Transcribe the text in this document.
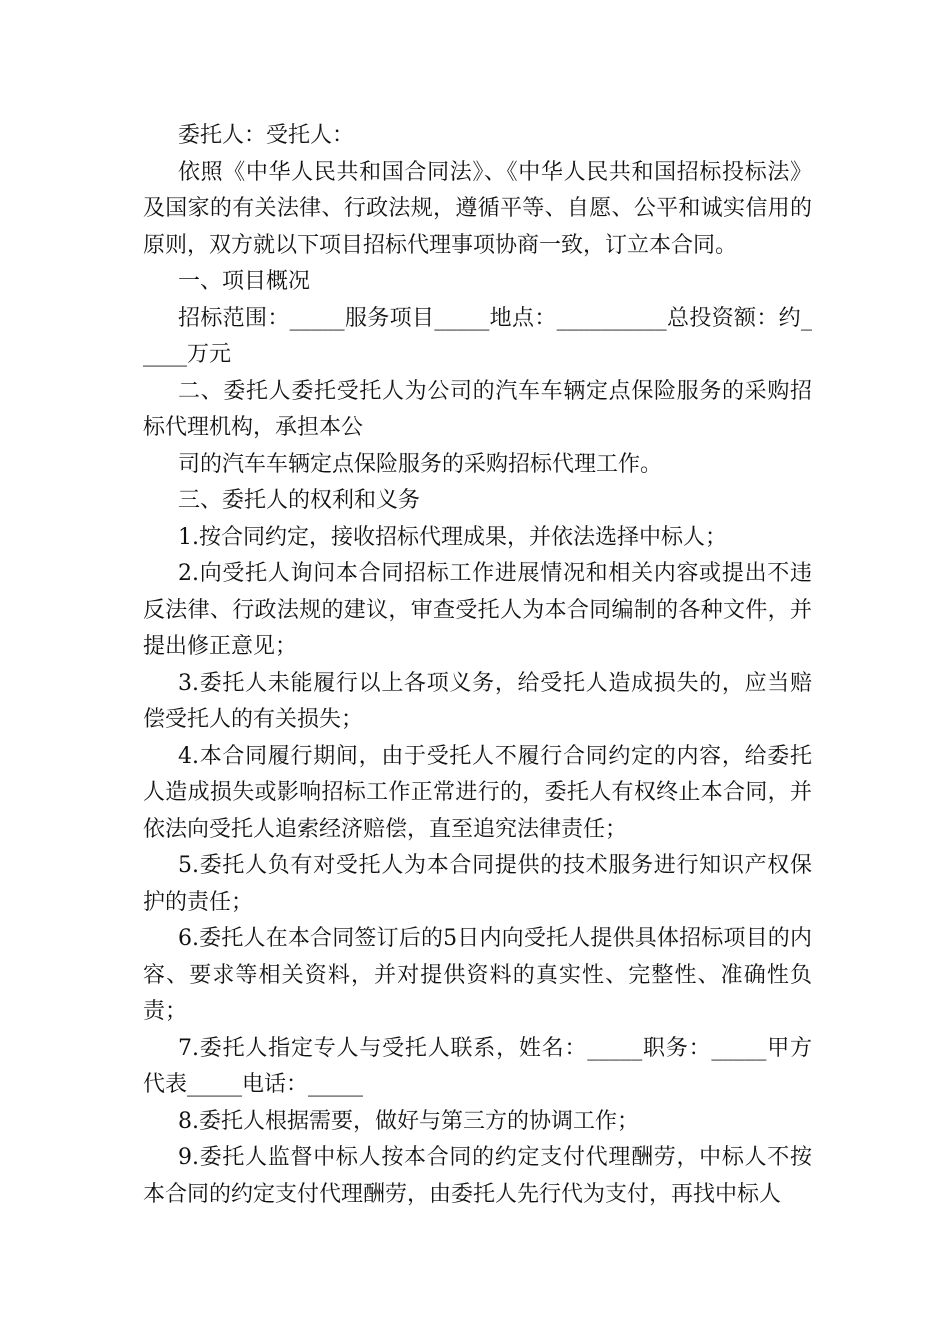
委托人：受托人：

依照《中华人民共和国合同法》、《中华人民共和国招标投标法》及国家的有关法律、行政法规，遵循平等、自愿、公平和诚实信用的原则，双方就以下项目招标代理事项协商一致，订立本合同。

一、项目概况

招标范围：_____服务项目_____地点：__________总投资额：约_____万元

二、委托人委托受托人为公司的汽车车辆定点保险服务的采购招标代理机构，承担本公

司的汽车车辆定点保险服务的采购招标代理工作。

三、委托人的权利和义务

1.按合同约定，接收招标代理成果，并依法选择中标人；

2.向受托人询问本合同招标工作进展情况和相关内容或提出不违反法律、行政法规的建议，审查受托人为本合同编制的各种文件，并提出修正意见；

3.委托人未能履行以上各项义务，给受托人造成损失的，应当赔偿受托人的有关损失；

4.本合同履行期间，由于受托人不履行合同约定的内容，给委托人造成损失或影响招标工作正常进行的，委托人有权终止本合同，并依法向受托人追索经济赔偿，直至追究法律责任；

5.委托人负有对受托人为本合同提供的技术服务进行知识产权保护的责任；

6.委托人在本合同签订后的5日内向受托人提供具体招标项目的内容、要求等相关资料，并对提供资料的真实性、完整性、准确性负责；

7.委托人指定专人与受托人联系，姓名：_____职务：_____甲方代表_____电话：_____

8.委托人根据需要，做好与第三方的协调工作；

9.委托人监督中标人按本合同的约定支付代理酬劳，中标人不按本合同的约定支付代理酬劳，由委托人先行代为支付，再找中标人
